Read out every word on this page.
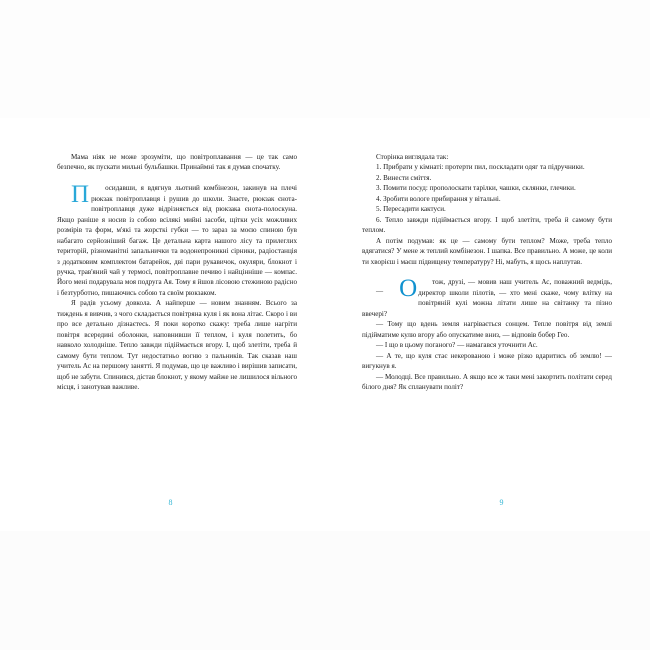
Мама ніяк не може зрозуміти, що повітроплавання — це так само безпечно, як пускати мильні бульбашки. Принаймні так я думав спочатку.

П осидавши, я вдягнув льотний комбінезон, закинув на плечі рюкзак повітроплавця і рушив до школи. Знаєте, рюкзак єнота-повітроплавця дуже відрізняється від рюкзака єнота-полоскуна. Якщо раніше я носив із собою всілякі мийні засоби, щітки усіх можливих розмірів та форм, м'які та жорсткі губки — то зараз за моєю спиною був набагато серйозніший багаж. Це детальна карта нашого лісу та прилеглих територій, різноманітні запальнички та водонепроникні сірники, радіостанція з додатковим комплектом батарейок, дві пари рукавичок, окуляри, блокнот і ручка, трав'яний чай у термосі, повітроплавне печиво і найцінніше — компас. Його мені подарувала моя подруга Ая. Тому я йшов лісовою стежиною радісно і безтурботно, пишаючись собою та своїм рюкзаком.

Я радів усьому довкола. А найперше — новим знанням. Всього за тиждень я вивчив, з чого складається повітряна куля і як вона літає. Скоро і ви про все детально дізнаєтесь. Я поки коротко скажу: треба лише нагріти повітря всередині оболонки, наповнивши її теплом, і куля полетить, бо навколо холодніше. Тепло завжди підіймається вгору. І, щоб злетіти, треба й самому бути теплом. Тут недостатньо вогню з пальників. Так сказав наш учитель Ас на першому занятті. Я подумав, що це важливо і вирішив записати, щоб не забути. Спинився, дістав блокнот, у якому майже не лишилося вільного місця, і занотував важливе.

8

Сторінка виглядала так:

1. Прибрати у кімнаті: протерти пил, поскладати одяг та підручники.

2. Винести сміття.

3. Помити посуд: прополоскати тарілки, чашки, склянки, глечики.

4. Зробити вологе прибирання у вітальні.

5. Пересадити кактуси.

6. Тепло завжди підіймається вгору. І щоб злетіти, треба й самому бути теплом.

А потім подумав: як це — самому бути теплом? Може, треба тепло вдягатися? У мене ж теплий комбінезон. І шапка. Все правильно. А може, це коли ти хворієш і маєш підвищену температуру? Ні, мабуть, я щось наплутав.

— О тож, друзі, — мовив наш учитель Ас, поважний ведмідь, директор школи пілотів, — хто мені скаже, чому влітку на повітряній кулі можна літати лише на світанку та пізно ввечері?

— Тому що вдень земля нагрівається сонцем. Тепле повітря від землі підійматиме кулю вгору або опускатиме вниз, — відповів бобер Гео.

— І що в цьому поганого? — намагався уточнити Ас.

— А те, що куля стає некерованою і може різко вдаритись об землю! — вигукнув я.

— Молодці. Все правильно. А якщо все ж таки мені закортить політати серед білого дня? Як спланувати політ?

9
